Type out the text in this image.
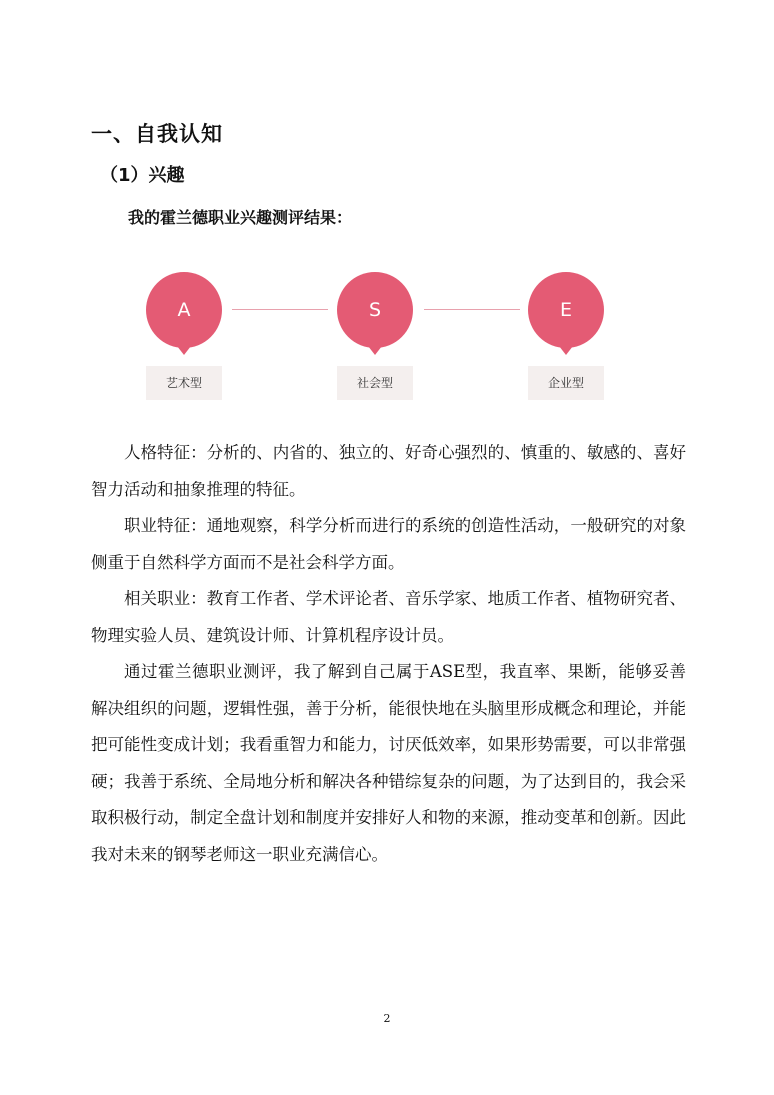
一、自我认知
（1）兴趣
我的霍兰德职业兴趣测评结果：
A	S	E
艺术型	社会型	企业型

人格特征：分析的、内省的、独立的、好奇心强烈的、慎重的、敏感的、喜好智力活动和抽象推理的特征。

职业特征：通地观察，科学分析而进行的系统的创造性活动，一般研究的对象侧重于自然科学方面而不是社会科学方面。

相关职业：教育工作者、学术评论者、音乐学家、地质工作者、植物研究者、物理实验人员、建筑设计师、计算机程序设计员。

通过霍兰德职业测评，我了解到自己属于ASE型，我直率、果断，能够妥善解决组织的问题，逻辑性强，善于分析，能很快地在头脑里形成概念和理论，并能把可能性变成计划；我看重智力和能力，讨厌低效率，如果形势需要，可以非常强硬；我善于系统、全局地分析和解决各种错综复杂的问题，为了达到目的，我会采取积极行动，制定全盘计划和制度并安排好人和物的来源，推动变革和创新。因此我对未来的钢琴老师这一职业充满信心。

2
